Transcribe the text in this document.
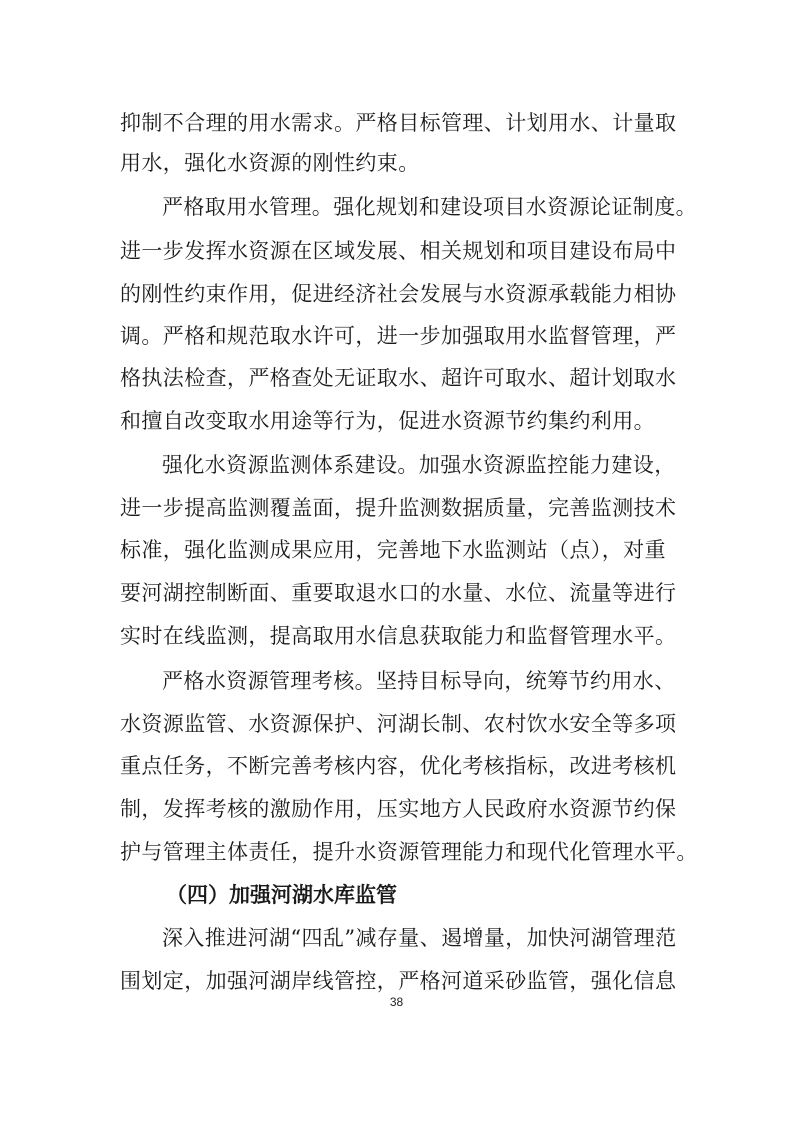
抑制不合理的用水需求。严格目标管理、计划用水、计量取
用水，强化水资源的刚性约束。
严格取用水管理。强化规划和建设项目水资源论证制度。
进一步发挥水资源在区域发展、相关规划和项目建设布局中
的刚性约束作用，促进经济社会发展与水资源承载能力相协
调。严格和规范取水许可，进一步加强取用水监督管理，严
格执法检查，严格查处无证取水、超许可取水、超计划取水
和擅自改变取水用途等行为，促进水资源节约集约利用。
强化水资源监测体系建设。加强水资源监控能力建设，
进一步提高监测覆盖面，提升监测数据质量，完善监测技术
标准，强化监测成果应用，完善地下水监测站（点），对重
要河湖控制断面、重要取退水口的水量、水位、流量等进行
实时在线监测，提高取用水信息获取能力和监督管理水平。
严格水资源管理考核。坚持目标导向，统筹节约用水、
水资源监管、水资源保护、河湖长制、农村饮水安全等多项
重点任务，不断完善考核内容，优化考核指标，改进考核机
制，发挥考核的激励作用，压实地方人民政府水资源节约保
护与管理主体责任，提升水资源管理能力和现代化管理水平。
（四）加强河湖水库监管
深入推进河湖“四乱”减存量、遏增量，加快河湖管理范
围划定，加强河湖岸线管控，严格河道采砂监管，强化信息
38
